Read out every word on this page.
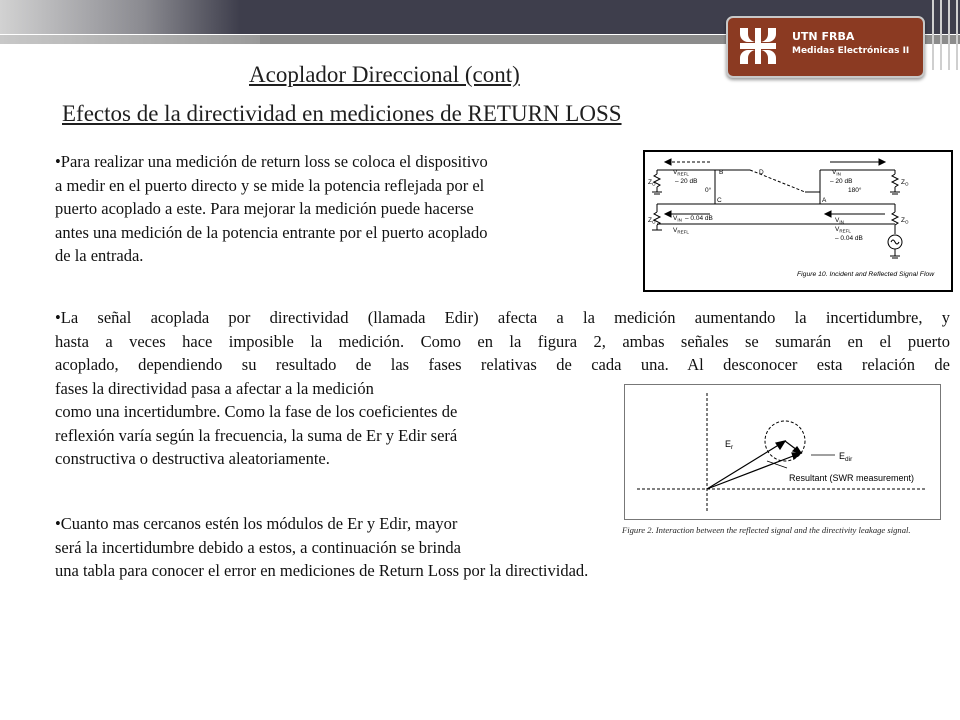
UTN FRBA
Medidas Electrónicas II
Acoplador Direccional (cont)
Efectos de la directividad en mediciones de RETURN LOSS
•Para realizar una medición de return loss se coloca el dispositivo
a medir en el puerto directo y se mide la potencia reflejada por el
puerto acoplado a este. Para mejorar la medición puede hacerse
antes una medición de la potencia entrante por el puerto acoplado
de la entrada.
•La señal acoplada por directividad (llamada Edir) afecta a la medición aumentando la incertidumbre, y
hasta a veces hace imposible la medición. Como en la figura 2, ambas señales se sumarán en el puerto
acoplado, dependiendo su resultado de las fases relativas de cada una. Al desconocer esta relación de
fases la directividad pasa a afectar a la medición
como una incertidumbre. Como la fase de los coeficientes de
reflexión varía según la frecuencia, la suma de Er y Edir será
constructiva o destructiva aleatoriamente.
•Cuanto mas cercanos estén los módulos de Er y Edir, mayor
será la incertidumbre debido a estos, a continuación se brinda
una tabla para conocer el error en mediciones de Return Loss por la directividad.
$Z_O$
$V_{REFL}$
– 20 dB
B
0°
D	$V_{IN}$
– 20 dB
180°
$Z_O$
C	A
$Z_O$	$V_{IN} - 0.04$ dB
$V_{REFL}$
$V_{IN}$
$V_{REFL}$
– 0.04 dB
$Z_O$
Figure 10. Incident and Reflected Signal Flow
$E_r$
$E_{dir}$
Resultant (SWR measurement)
Figure 2. Interaction between the reflected signal and the directivity leakage signal.
